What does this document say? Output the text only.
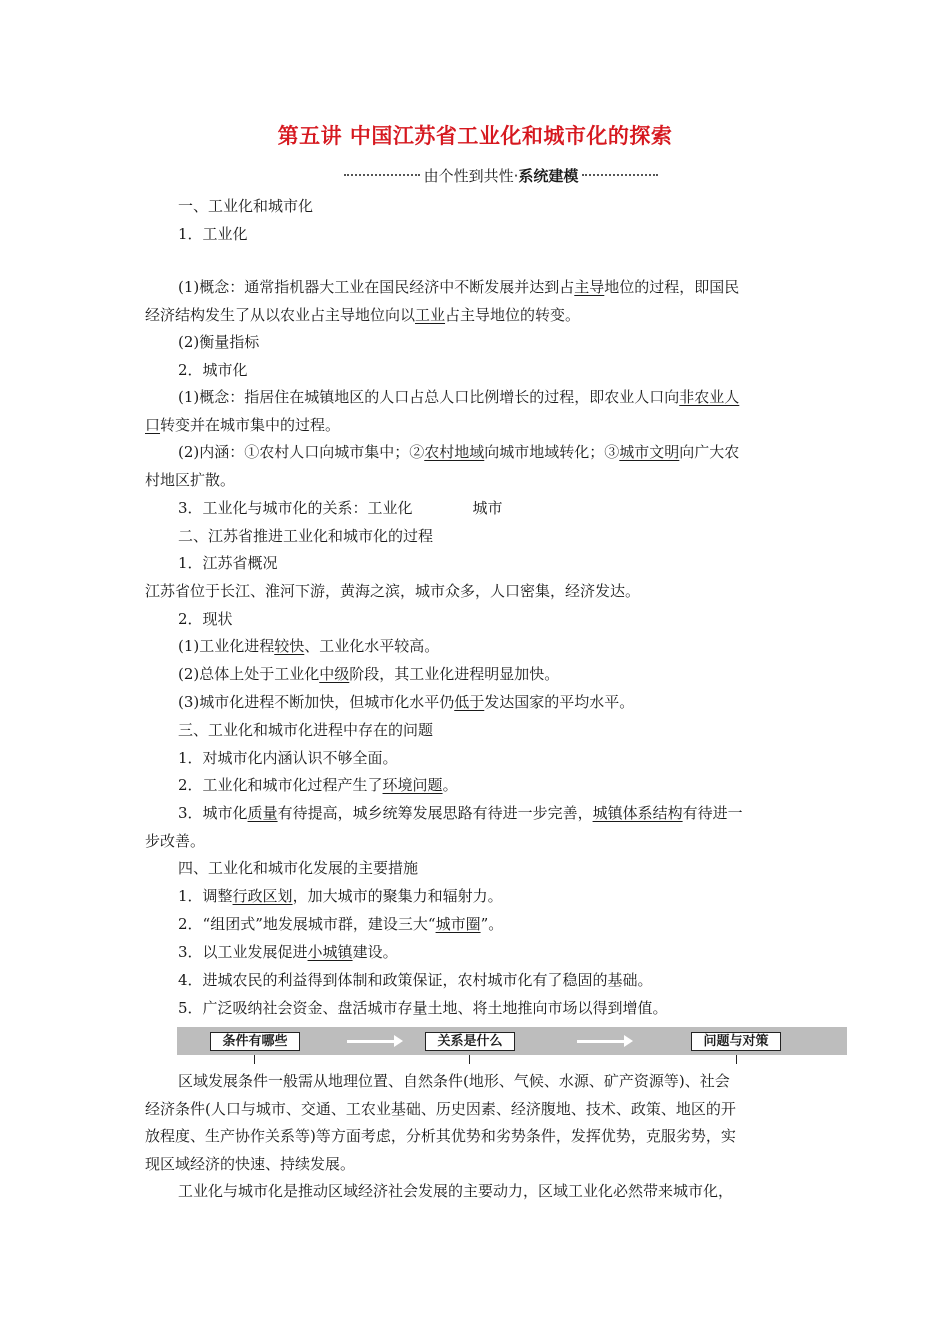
第五讲 中国江苏省工业化和城市化的探索
由个性到共性· 系统建模
一、工业化和城市化
1．工业化
(1)概念：通常指机器大工业在国民经济中不断发展并达到占主导地位的过程，即国民
经济结构发生了从以农业占主导地位向以工业占主导地位的转变。
(2)衡量指标
2．城市化
(1)概念：指居住在城镇地区的人口占总人口比例增长的过程，即农业人口向非农业人
口转变并在城市集中的过程。
(2)内涵：①农村人口向城市集中；②农村地域向城市地域转化；③城市文明向广大农
村地区扩散。
3．工业化与城市化的关系：工业化	城市
二、江苏省推进工业化和城市化的过程
1．江苏省概况
江苏省位于长江、淮河下游，黄海之滨，城市众多，人口密集，经济发达。
2．现状
(1)工业化进程较快、工业化水平较高。
(2)总体上处于工业化中级阶段，其工业化进程明显加快。
(3)城市化进程不断加快，但城市化水平仍低于发达国家的平均水平。
三、工业化和城市化进程中存在的问题
1．对城市化内涵认识不够全面。
2．工业化和城市化过程产生了环境问题。
3．城市化质量有待提高，城乡统筹发展思路有待进一步完善，城镇体系结构有待进一
步改善。
四、工业化和城市化发展的主要措施
1．调整行政区划，加大城市的聚集力和辐射力。
2．“组团式”地发展城市群，建设三大“城市圈”。
3．以工业发展促进小城镇建设。
4．进城农民的利益得到体制和政策保证，农村城市化有了稳固的基础。
5．广泛吸纳社会资金、盘活城市存量土地、将土地推向市场以得到增值。
条件有哪些	关系是什么	问题与对策
区域发展条件一般需从地理位置、自然条件(地形、气候、水源、矿产资源等)、社会
经济条件(人口与城市、交通、工农业基础、历史因素、经济腹地、技术、政策、地区的开
放程度、生产协作关系等)等方面考虑，分析其优势和劣势条件，发挥优势，克服劣势，实
现区域经济的快速、持续发展。
工业化与城市化是推动区域经济社会发展的主要动力，区域工业化必然带来城市化，
